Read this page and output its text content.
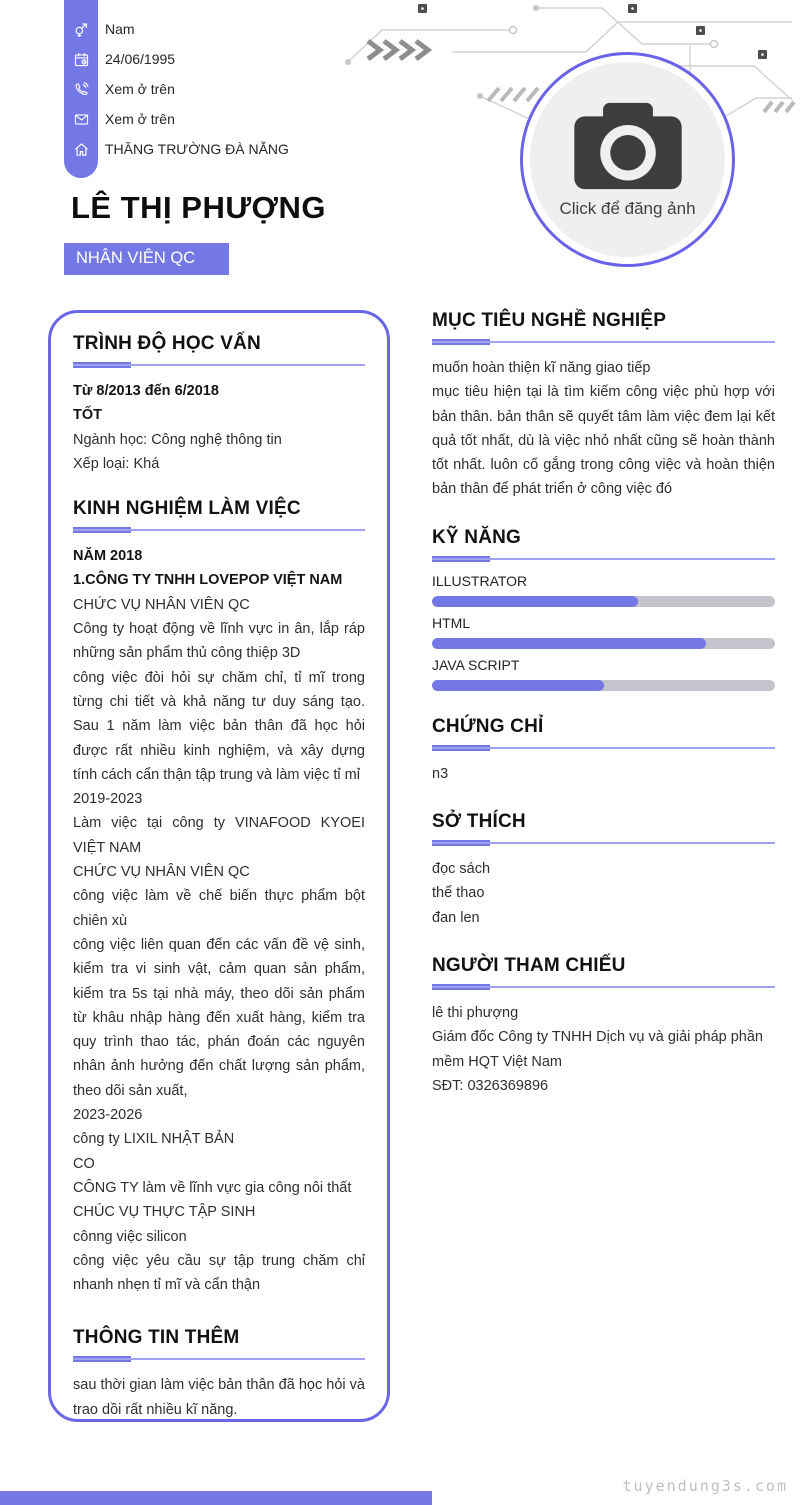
Nam
24/06/1995
Xem ở trên
Xem ở trên
THĂNG TRƯỜNG ĐÀ NẴNG
LÊ THỊ PHƯỢNG
NHÂN VIÊN QC
Click để đăng ảnh
TRÌNH ĐỘ HỌC VẤN
Từ 8/2013 đến 6/2018
TỐT
Ngành học: Công nghệ thông tin
Xếp loại: Khá
KINH NGHIỆM LÀM VIỆC
NĂM 2018
1.CÔNG TY TNHH LOVEPOP VIỆT NAM
CHỨC VỤ NHÂN VIÊN QC
Công ty hoạt động về lĩnh vực in ân, lắp ráp những sản phẩm thủ công thiệp 3D
công việc đòi hỏi sự chăm chỉ, tỉ mĩ trong từng chi tiết và khả năng tư duy sáng tạo. Sau 1 năm làm việc bản thân đã học hỏi được rất nhiều kinh nghiệm, và xây dựng tính cách cẩn thận tập trung và làm việc tỉ mỉ
2019-2023
Làm việc tại công ty VINAFOOD KYOEI VIỆT NAM
CHỨC VỤ NHÂN VIÊN QC
công việc làm về chế biến thực phẩm bột chiên xù
công việc liên quan đến các vấn đề vệ sinh, kiểm tra vi sinh vật, cảm quan sản phẩm, kiểm tra 5s tại nhà máy, theo dõi sản phẩm từ khâu nhập hàng đến xuất hàng, kiểm tra quy trình thao tác, phán đoán các nguyên nhân ảnh hưởng đến chất lượng sản phẩm, theo dõi sản xuất,
2023-2026
công ty LIXIL NHẬT BẢN
CO
CÔNG TY làm về lĩnh vực gia công nôi thất
CHÚC VỤ THỰC TẬP SINH
cônng việc silicon
công việc yêu cầu sự tập trung chăm chỉ nhanh nhẹn tỉ mĩ và cẩn thận
THÔNG TIN THÊM
sau thời gian làm việc bản thân đã học hỏi và trao dồi rất nhiều kĩ năng.
MỤC TIÊU NGHỀ NGHIỆP
muốn hoàn thiện kĩ năng giao tiếp
mục tiêu hiện tại là tìm kiếm công việc phù hợp với bản thân. bản thân sẽ quyết tâm làm việc đem lại kết quả tốt nhất, dù là việc nhỏ nhất cũng sẽ hoàn thành tốt nhất. luôn cố gắng trong công việc và hoàn thiện bản thân để phát triển ở công việc đó
KỸ NĂNG
ILLUSTRATOR
HTML
JAVA SCRIPT
CHỨNG CHỈ
n3
SỞ THÍCH
đọc sách
thể thao
đan len
NGƯỜI THAM CHIẾU
lê thi phượng
Giám đốc Công ty TNHH Dịch vụ và giải pháp phần mềm HQT Việt Nam
SĐT: 0326369896
tuyendung3s.com
